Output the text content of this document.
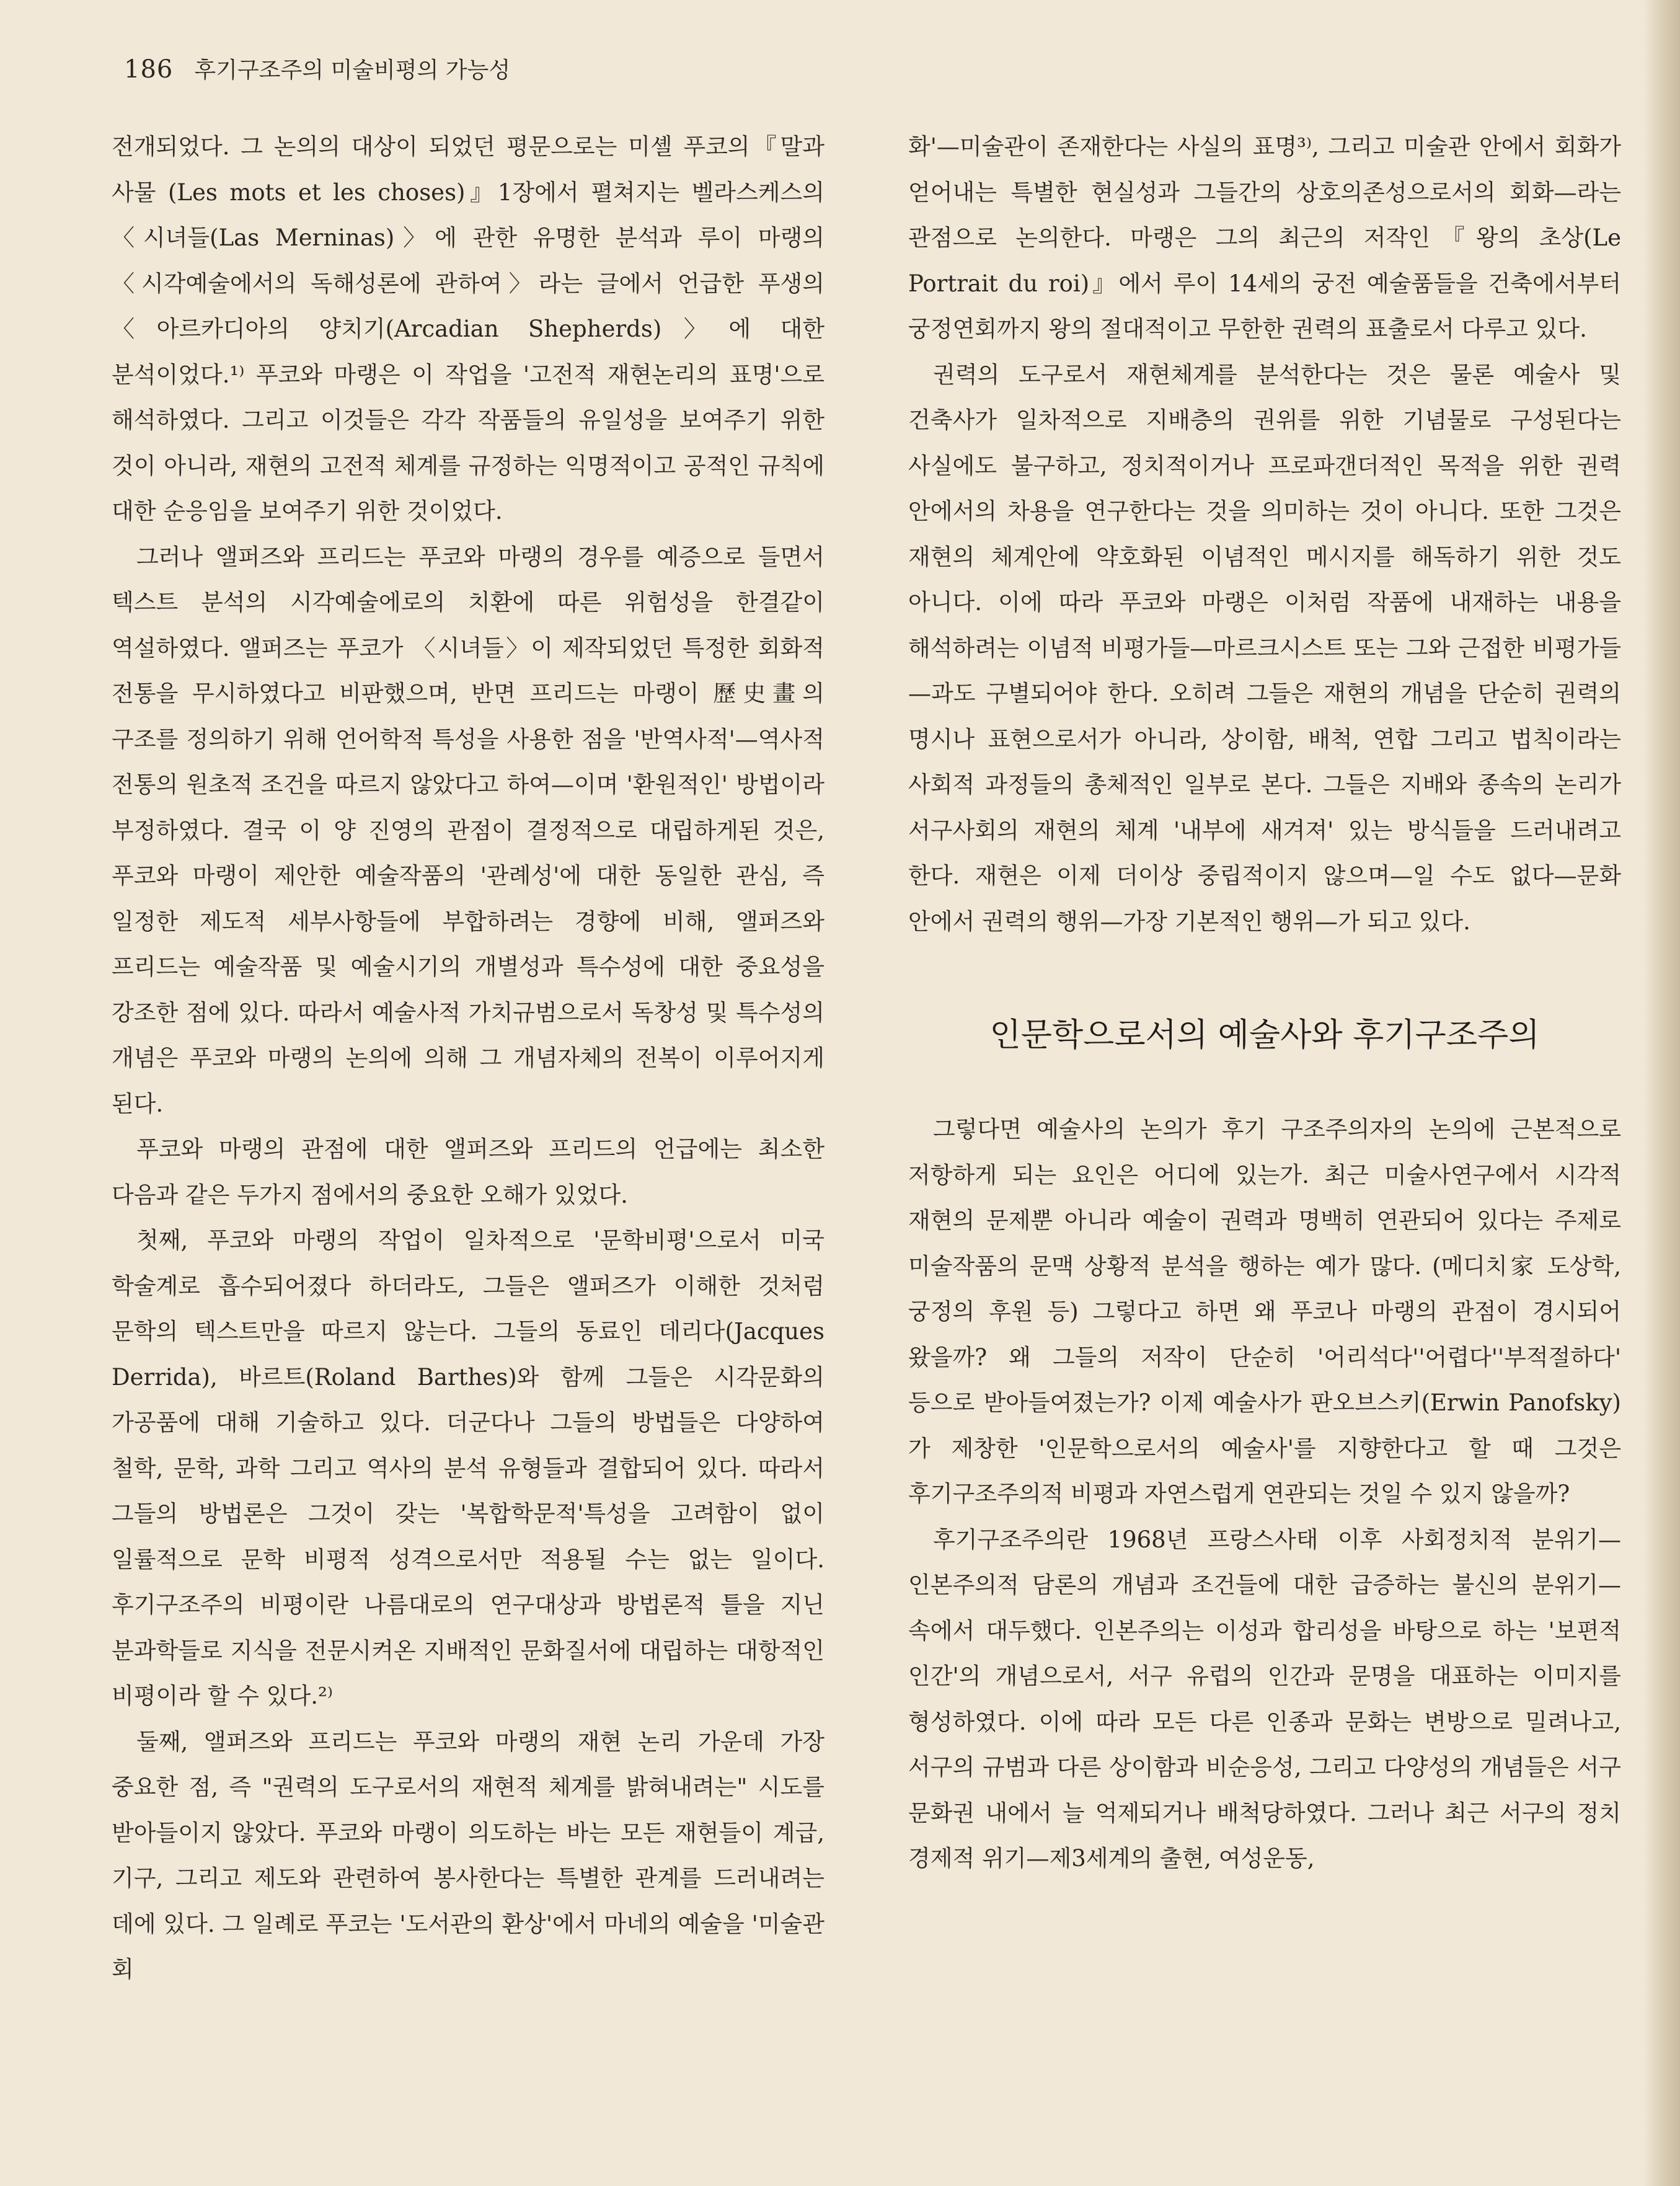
186 후기구조주의 미술비평의 가능성

전개되었다. 그 논의의 대상이 되었던 평문으로는 미셸 푸코의『말과 사물 (Les mots et les choses)』1장에서 펼쳐지는 벨라스케스의 〈시녀들(Las Merninas)〉에 관한 유명한 분석과 루이 마랭의 〈시각예술에서의 독해성론에 관하여〉라는 글에서 언급한 푸생의 〈아르카디아의 양치기(Arcadian Shepherds)〉에 대한 분석이었다.¹⁾ 푸코와 마랭은 이 작업을 '고전적 재현논리의 표명'으로 해석하였다. 그리고 이것들은 각각 작품들의 유일성을 보여주기 위한 것이 아니라, 재현의 고전적 체계를 규정하는 익명적이고 공적인 규칙에 대한 순응임을 보여주기 위한 것이었다.

그러나 앨퍼즈와 프리드는 푸코와 마랭의 경우를 예증으로 들면서 텍스트 분석의 시각예술에로의 치환에 따른 위험성을 한결같이 역설하였다. 앨퍼즈는 푸코가 〈시녀들〉이 제작되었던 특정한 회화적 전통을 무시하였다고 비판했으며, 반면 프리드는 마랭이 歷史畫의 구조를 정의하기 위해 언어학적 특성을 사용한 점을 '반역사적'—역사적 전통의 원초적 조건을 따르지 않았다고 하여—이며 '환원적인' 방법이라 부정하였다. 결국 이 양 진영의 관점이 결정적으로 대립하게된 것은, 푸코와 마랭이 제안한 예술작품의 '관례성'에 대한 동일한 관심, 즉 일정한 제도적 세부사항들에 부합하려는 경향에 비해, 앨퍼즈와 프리드는 예술작품 및 예술시기의 개별성과 특수성에 대한 중요성을 강조한 점에 있다. 따라서 예술사적 가치규범으로서 독창성 및 특수성의 개념은 푸코와 마랭의 논의에 의해 그 개념자체의 전복이 이루어지게 된다.

푸코와 마랭의 관점에 대한 앨퍼즈와 프리드의 언급에는 최소한 다음과 같은 두가지 점에서의 중요한 오해가 있었다.

첫째, 푸코와 마랭의 작업이 일차적으로 '문학비평'으로서 미국 학술계로 흡수되어졌다 하더라도, 그들은 앨퍼즈가 이해한 것처럼 문학의 텍스트만을 따르지 않는다. 그들의 동료인 데리다(Jacques Derrida), 바르트(Roland Barthes)와 함께 그들은 시각문화의 가공품에 대해 기술하고 있다. 더군다나 그들의 방법들은 다양하여 철학, 문학, 과학 그리고 역사의 분석 유형들과 결합되어 있다. 따라서 그들의 방법론은 그것이 갖는 '복합학문적'특성을 고려함이 없이 일률적으로 문학 비평적 성격으로서만 적용될 수는 없는 일이다. 후기구조주의 비평이란 나름대로의 연구대상과 방법론적 틀을 지닌 분과학들로 지식을 전문시켜온 지배적인 문화질서에 대립하는 대항적인 비평이라 할 수 있다.²⁾

둘째, 앨퍼즈와 프리드는 푸코와 마랭의 재현 논리 가운데 가장 중요한 점, 즉 "권력의 도구로서의 재현적 체계를 밝혀내려는" 시도를 받아들이지 않았다. 푸코와 마랭이 의도하는 바는 모든 재현들이 계급, 기구, 그리고 제도와 관련하여 봉사한다는 특별한 관계를 드러내려는 데에 있다. 그 일례로 푸코는 '도서관의 환상'에서 마네의 예술을 '미술관 회

화'—미술관이 존재한다는 사실의 표명³⁾, 그리고 미술관 안에서 회화가 얻어내는 특별한 현실성과 그들간의 상호의존성으로서의 회화—라는 관점으로 논의한다. 마랭은 그의 최근의 저작인『왕의 초상(Le Portrait du roi)』에서 루이 14세의 궁전 예술품들을 건축에서부터 궁정연회까지 왕의 절대적이고 무한한 권력의 표출로서 다루고 있다.

권력의 도구로서 재현체계를 분석한다는 것은 물론 예술사 및 건축사가 일차적으로 지배층의 권위를 위한 기념물로 구성된다는 사실에도 불구하고, 정치적이거나 프로파갠더적인 목적을 위한 권력 안에서의 차용을 연구한다는 것을 의미하는 것이 아니다. 또한 그것은 재현의 체계안에 약호화된 이념적인 메시지를 해독하기 위한 것도 아니다. 이에 따라 푸코와 마랭은 이처럼 작품에 내재하는 내용을 해석하려는 이념적 비평가들—마르크시스트 또는 그와 근접한 비평가들—과도 구별되어야 한다. 오히려 그들은 재현의 개념을 단순히 권력의 명시나 표현으로서가 아니라, 상이함, 배척, 연합 그리고 법칙이라는 사회적 과정들의 총체적인 일부로 본다. 그들은 지배와 종속의 논리가 서구사회의 재현의 체계 '내부에 새겨져' 있는 방식들을 드러내려고 한다. 재현은 이제 더이상 중립적이지 않으며—일 수도 없다—문화 안에서 권력의 행위—가장 기본적인 행위—가 되고 있다.

인문학으로서의 예술사와 후기구조주의

그렇다면 예술사의 논의가 후기 구조주의자의 논의에 근본적으로 저항하게 되는 요인은 어디에 있는가. 최근 미술사연구에서 시각적 재현의 문제뿐 아니라 예술이 권력과 명백히 연관되어 있다는 주제로 미술작품의 문맥 상황적 분석을 행하는 예가 많다. (메디치家 도상학, 궁정의 후원 등) 그렇다고 하면 왜 푸코나 마랭의 관점이 경시되어 왔을까? 왜 그들의 저작이 단순히 '어리석다''어렵다''부적절하다' 등으로 받아들여졌는가? 이제 예술사가 판오브스키(Erwin Panofsky)가 제창한 '인문학으로서의 예술사'를 지향한다고 할 때 그것은 후기구조주의적 비평과 자연스럽게 연관되는 것일 수 있지 않을까?

후기구조주의란 1968년 프랑스사태 이후 사회정치적 분위기—인본주의적 담론의 개념과 조건들에 대한 급증하는 불신의 분위기—속에서 대두했다. 인본주의는 이성과 합리성을 바탕으로 하는 '보편적 인간'의 개념으로서, 서구 유럽의 인간과 문명을 대표하는 이미지를 형성하였다. 이에 따라 모든 다른 인종과 문화는 변방으로 밀려나고, 서구의 규범과 다른 상이함과 비순응성, 그리고 다양성의 개념들은 서구 문화권 내에서 늘 억제되거나 배척당하였다. 그러나 최근 서구의 정치 경제적 위기—제3세계의 출현, 여성운동,
